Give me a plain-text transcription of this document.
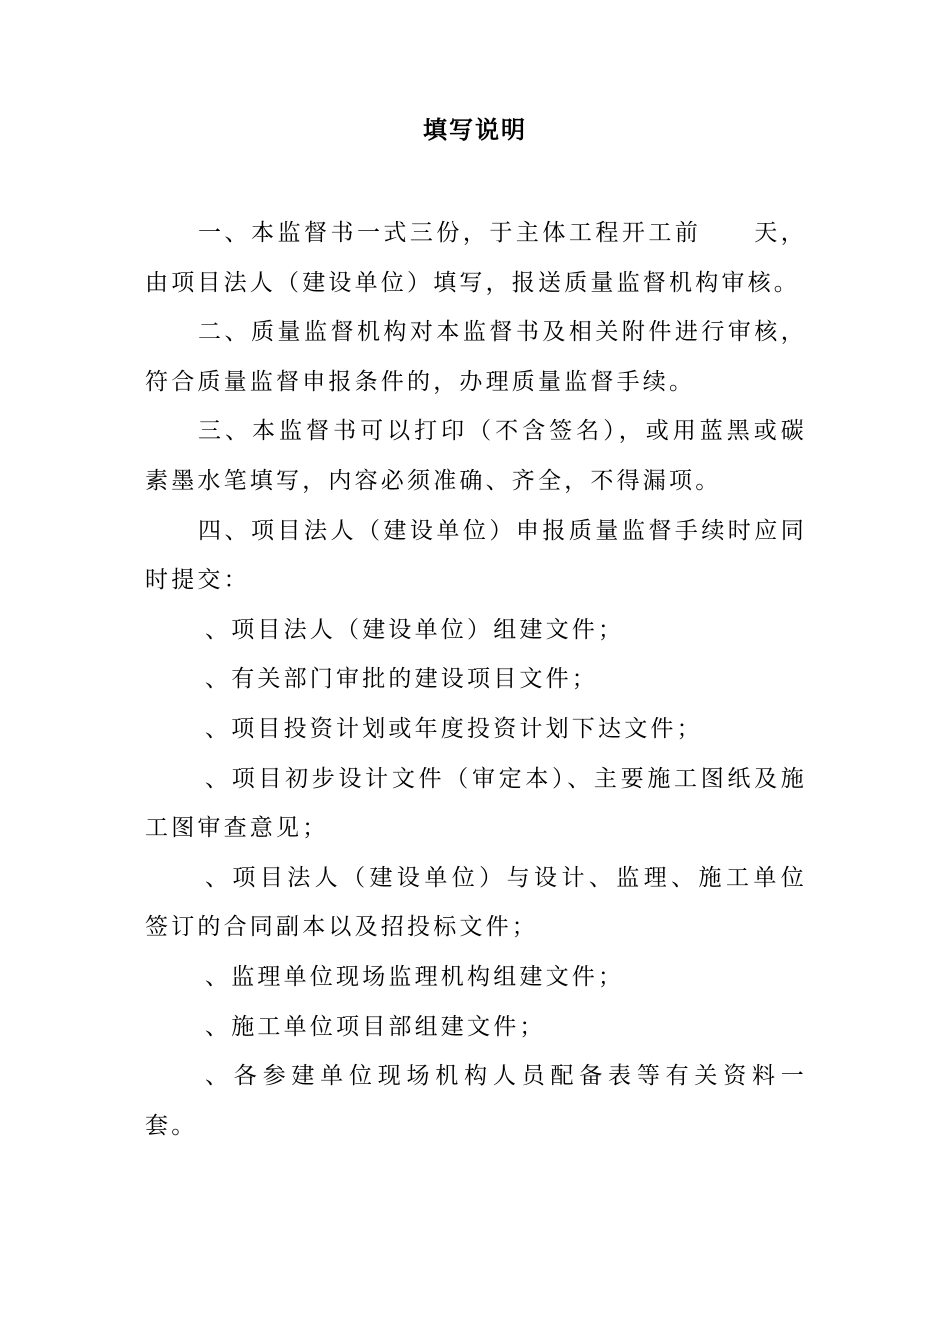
填写说明

一、本监督书一式三份，于主体工程开工前　　天，由项目法人（建设单位）填写，报送质量监督机构审核。

二、质量监督机构对本监督书及相关附件进行审核，符合质量监督申报条件的，办理质量监督手续。

三、本监督书可以打印（不含签名），或用蓝黑或碳素墨水笔填写，内容必须准确、齐全，不得漏项。

四、项目法人（建设单位）申报质量监督手续时应同时提交：

、项目法人（建设单位）组建文件；

、有关部门审批的建设项目文件；

、项目投资计划或年度投资计划下达文件；

、项目初步设计文件（审定本）、主要施工图纸及施工图审查意见；

、项目法人（建设单位）与设计、监理、施工单位签订的合同副本以及招投标文件；

、监理单位现场监理机构组建文件；

、施工单位项目部组建文件；

、各参建单位现场机构人员配备表等有关资料一套。
